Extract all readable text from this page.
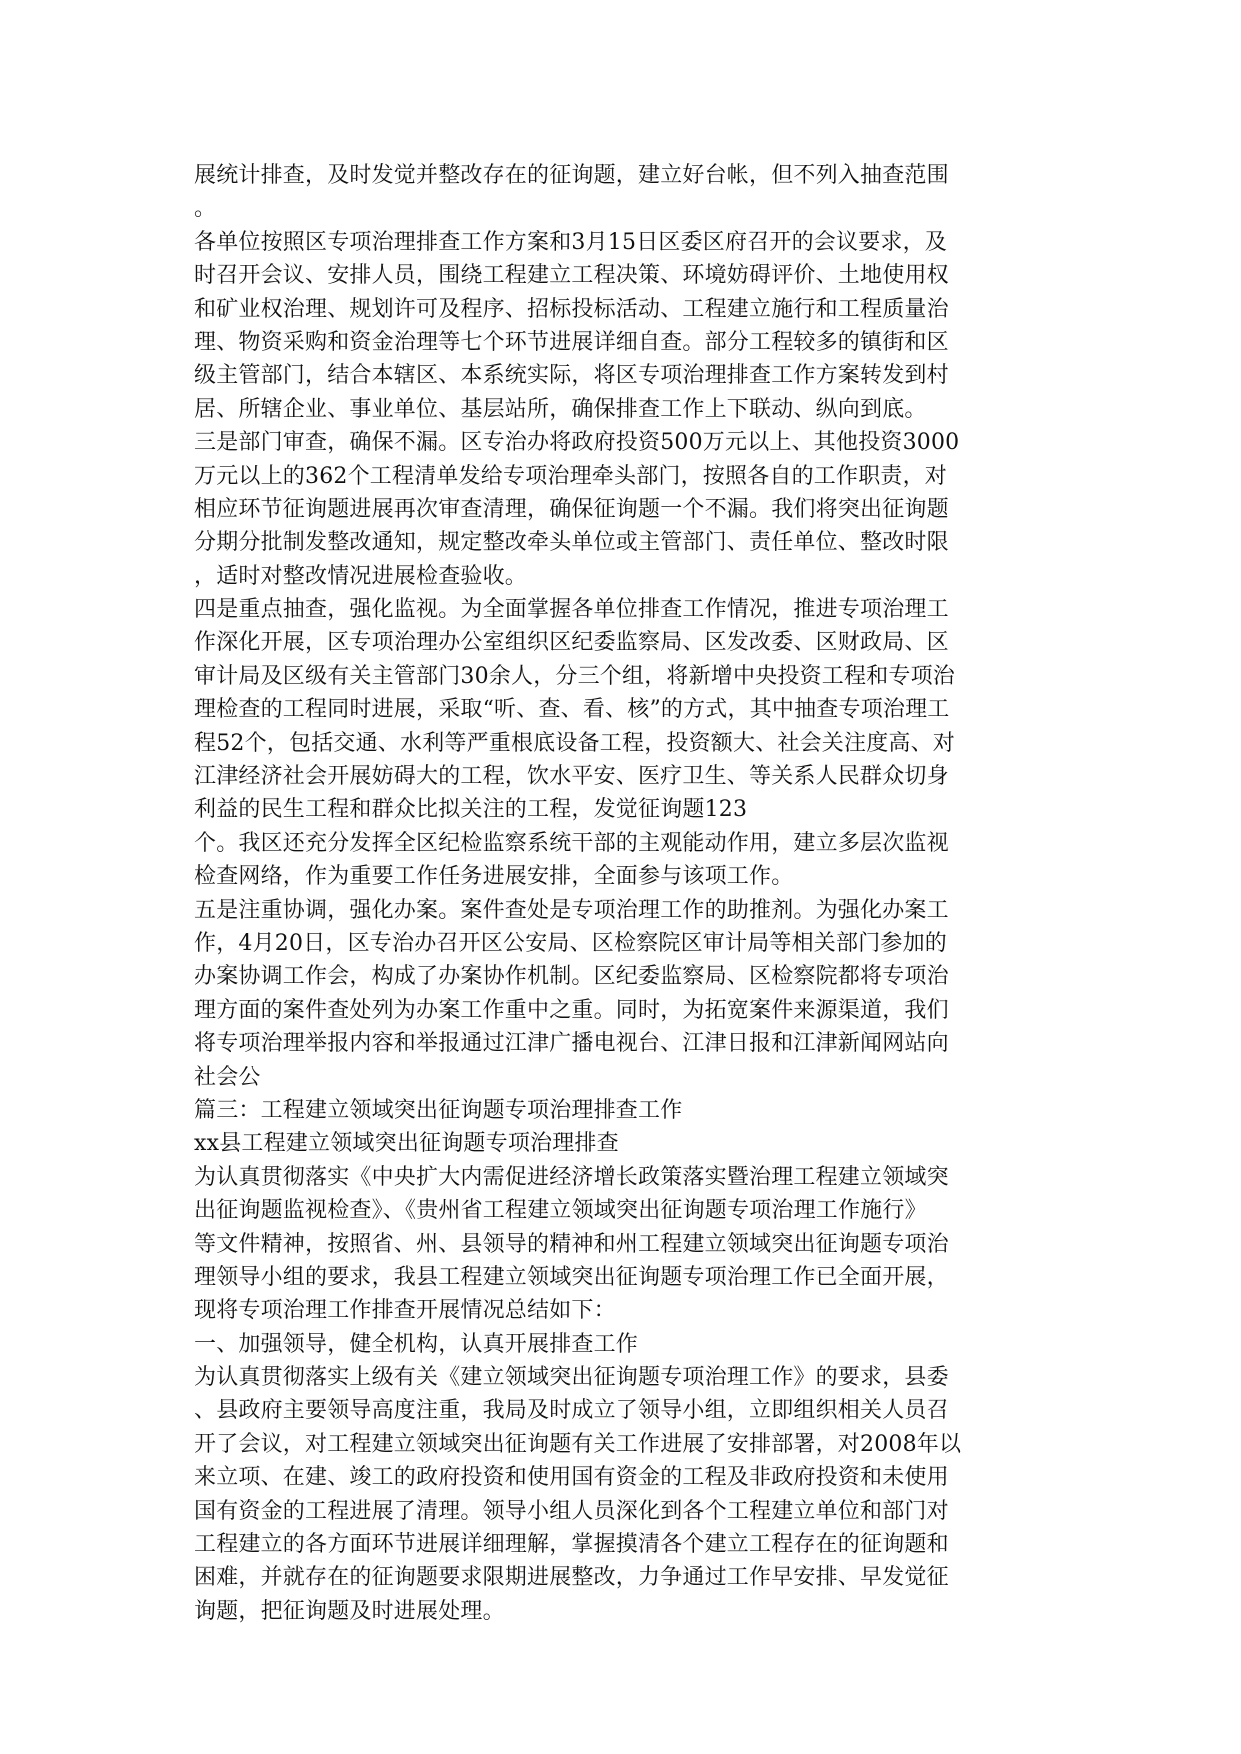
展统计排查，及时发觉并整改存在的征询题，建立好台帐，但不列入抽查范围
。
各单位按照区专项治理排查工作方案和3月15日区委区府召开的会议要求，及
时召开会议、安排人员，围绕工程建立工程决策、环境妨碍评价、土地使用权
和矿业权治理、规划许可及程序、招标投标活动、工程建立施行和工程质量治
理、物资采购和资金治理等七个环节进展详细自查。部分工程较多的镇街和区
级主管部门，结合本辖区、本系统实际，将区专项治理排查工作方案转发到村
居、所辖企业、事业单位、基层站所，确保排查工作上下联动、纵向到底。
三是部门审查，确保不漏。区专治办将政府投资500万元以上、其他投资3000
万元以上的362个工程清单发给专项治理牵头部门，按照各自的工作职责，对
相应环节征询题进展再次审查清理，确保征询题一个不漏。我们将突出征询题
分期分批制发整改通知，规定整改牵头单位或主管部门、责任单位、整改时限
，适时对整改情况进展检查验收。
四是重点抽查，强化监视。为全面掌握各单位排查工作情况，推进专项治理工
作深化开展，区专项治理办公室组织区纪委监察局、区发改委、区财政局、区
审计局及区级有关主管部门30余人，分三个组，将新增中央投资工程和专项治
理检查的工程同时进展，采取“听、查、看、核”的方式，其中抽查专项治理工
程52个，包括交通、水利等严重根底设备工程，投资额大、社会关注度高、对
江津经济社会开展妨碍大的工程，饮水平安、医疗卫生、等关系人民群众切身
利益的民生工程和群众比拟关注的工程，发觉征询题123
个。我区还充分发挥全区纪检监察系统干部的主观能动作用，建立多层次监视
检查网络，作为重要工作任务进展安排，全面参与该项工作。
五是注重协调，强化办案。案件查处是专项治理工作的助推剂。为强化办案工
作，4月20日，区专治办召开区公安局、区检察院区审计局等相关部门参加的
办案协调工作会，构成了办案协作机制。区纪委监察局、区检察院都将专项治
理方面的案件查处列为办案工作重中之重。同时，为拓宽案件来源渠道，我们
将专项治理举报内容和举报通过江津广播电视台、江津日报和江津新闻网站向
社会公
篇三：工程建立领域突出征询题专项治理排查工作
xx县工程建立领域突出征询题专项治理排查
为认真贯彻落实《中央扩大内需促进经济增长政策落实暨治理工程建立领域突
出征询题监视检查》、《贵州省工程建立领域突出征询题专项治理工作施行》
等文件精神，按照省、州、县领导的精神和州工程建立领域突出征询题专项治
理领导小组的要求，我县工程建立领域突出征询题专项治理工作已全面开展，
现将专项治理工作排查开展情况总结如下：
一、加强领导，健全机构，认真开展排查工作
为认真贯彻落实上级有关《建立领域突出征询题专项治理工作》的要求，县委
、县政府主要领导高度注重，我局及时成立了领导小组，立即组织相关人员召
开了会议，对工程建立领域突出征询题有关工作进展了安排部署，对2008年以
来立项、在建、竣工的政府投资和使用国有资金的工程及非政府投资和未使用
国有资金的工程进展了清理。领导小组人员深化到各个工程建立单位和部门对
工程建立的各方面环节进展详细理解，掌握摸清各个建立工程存在的征询题和
困难，并就存在的征询题要求限期进展整改，力争通过工作早安排、早发觉征
询题，把征询题及时进展处理。
